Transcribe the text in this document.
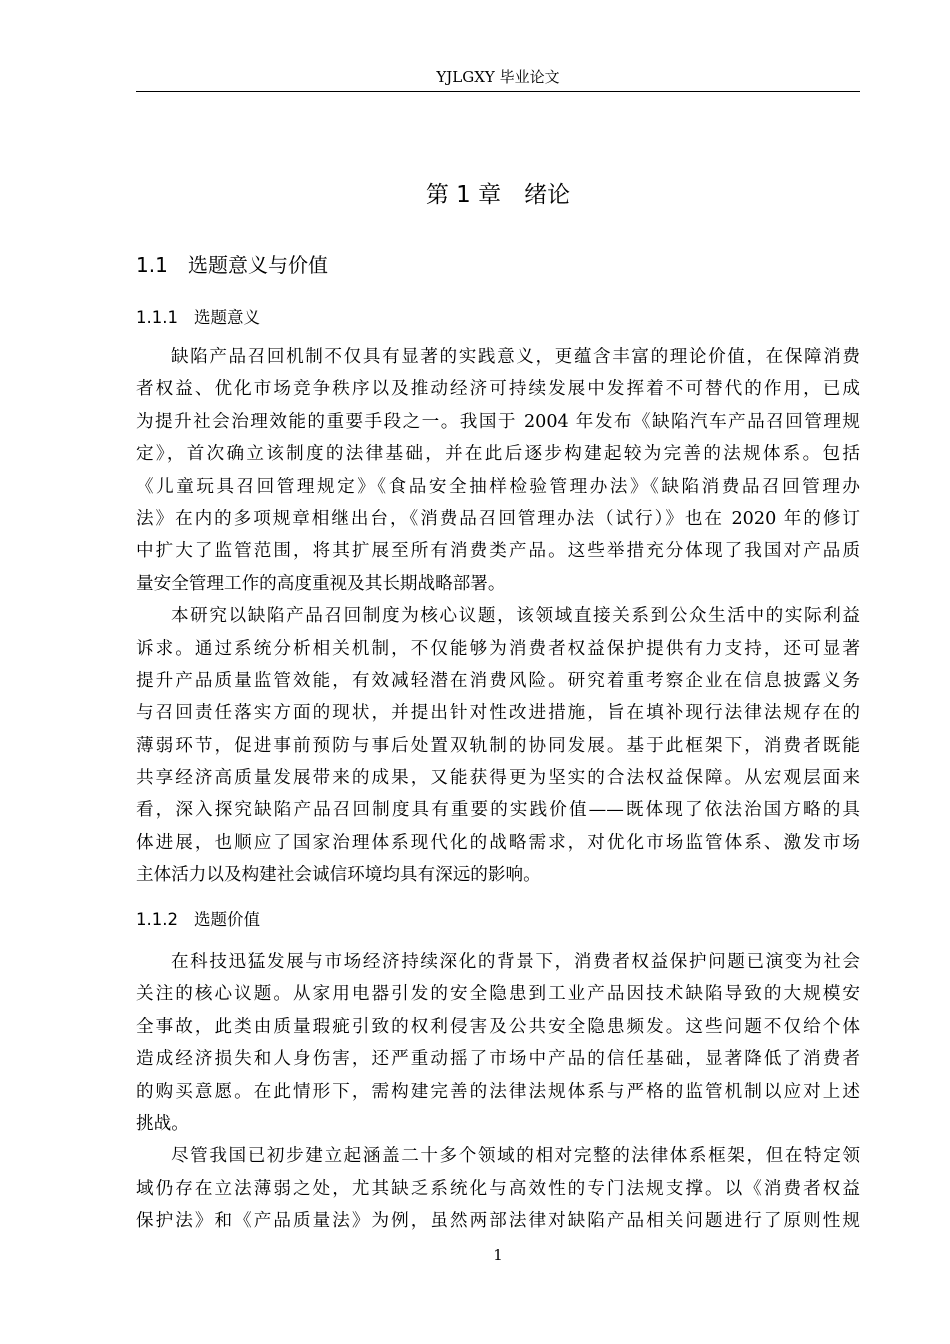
YJLGXY 毕业论文
第 1 章　绪论
1.1 选题意义与价值
1.1.1 选题意义
缺陷产品召回机制不仅具有显著的实践意义，更蕴含丰富的理论价值，在保障消费
者权益、优化市场竞争秩序以及推动经济可持续发展中发挥着不可替代的作用，已成
为提升社会治理效能的重要手段之一。我国于 2004 年发布《缺陷汽车产品召回管理规
定》，首次确立该制度的法律基础，并在此后逐步构建起较为完善的法规体系。包括
《儿童玩具召回管理规定》《食品安全抽样检验管理办法》《缺陷消费品召回管理办
法》在内的多项规章相继出台，《消费品召回管理办法（试行）》也在 2020 年的修订
中扩大了监管范围，将其扩展至所有消费类产品。这些举措充分体现了我国对产品质
量安全管理工作的高度重视及其长期战略部署。
本研究以缺陷产品召回制度为核心议题，该领域直接关系到公众生活中的实际利益
诉求。通过系统分析相关机制，不仅能够为消费者权益保护提供有力支持，还可显著
提升产品质量监管效能，有效减轻潜在消费风险。研究着重考察企业在信息披露义务
与召回责任落实方面的现状，并提出针对性改进措施，旨在填补现行法律法规存在的
薄弱环节，促进事前预防与事后处置双轨制的协同发展。基于此框架下，消费者既能
共享经济高质量发展带来的成果，又能获得更为坚实的合法权益保障。从宏观层面来
看，深入探究缺陷产品召回制度具有重要的实践价值——既体现了依法治国方略的具
体进展，也顺应了国家治理体系现代化的战略需求，对优化市场监管体系、激发市场
主体活力以及构建社会诚信环境均具有深远的影响。
1.1.2 选题价值
在科技迅猛发展与市场经济持续深化的背景下，消费者权益保护问题已演变为社会
关注的核心议题。从家用电器引发的安全隐患到工业产品因技术缺陷导致的大规模安
全事故，此类由质量瑕疵引致的权利侵害及公共安全隐患频发。这些问题不仅给个体
造成经济损失和人身伤害，还严重动摇了市场中产品的信任基础，显著降低了消费者
的购买意愿。在此情形下，需构建完善的法律法规体系与严格的监管机制以应对上述
挑战。
尽管我国已初步建立起涵盖二十多个领域的相对完整的法律体系框架，但在特定领
域仍存在立法薄弱之处，尤其缺乏系统化与高效性的专门法规支撑。以《消费者权益
保护法》和《产品质量法》为例，虽然两部法律对缺陷产品相关问题进行了原则性规
1
